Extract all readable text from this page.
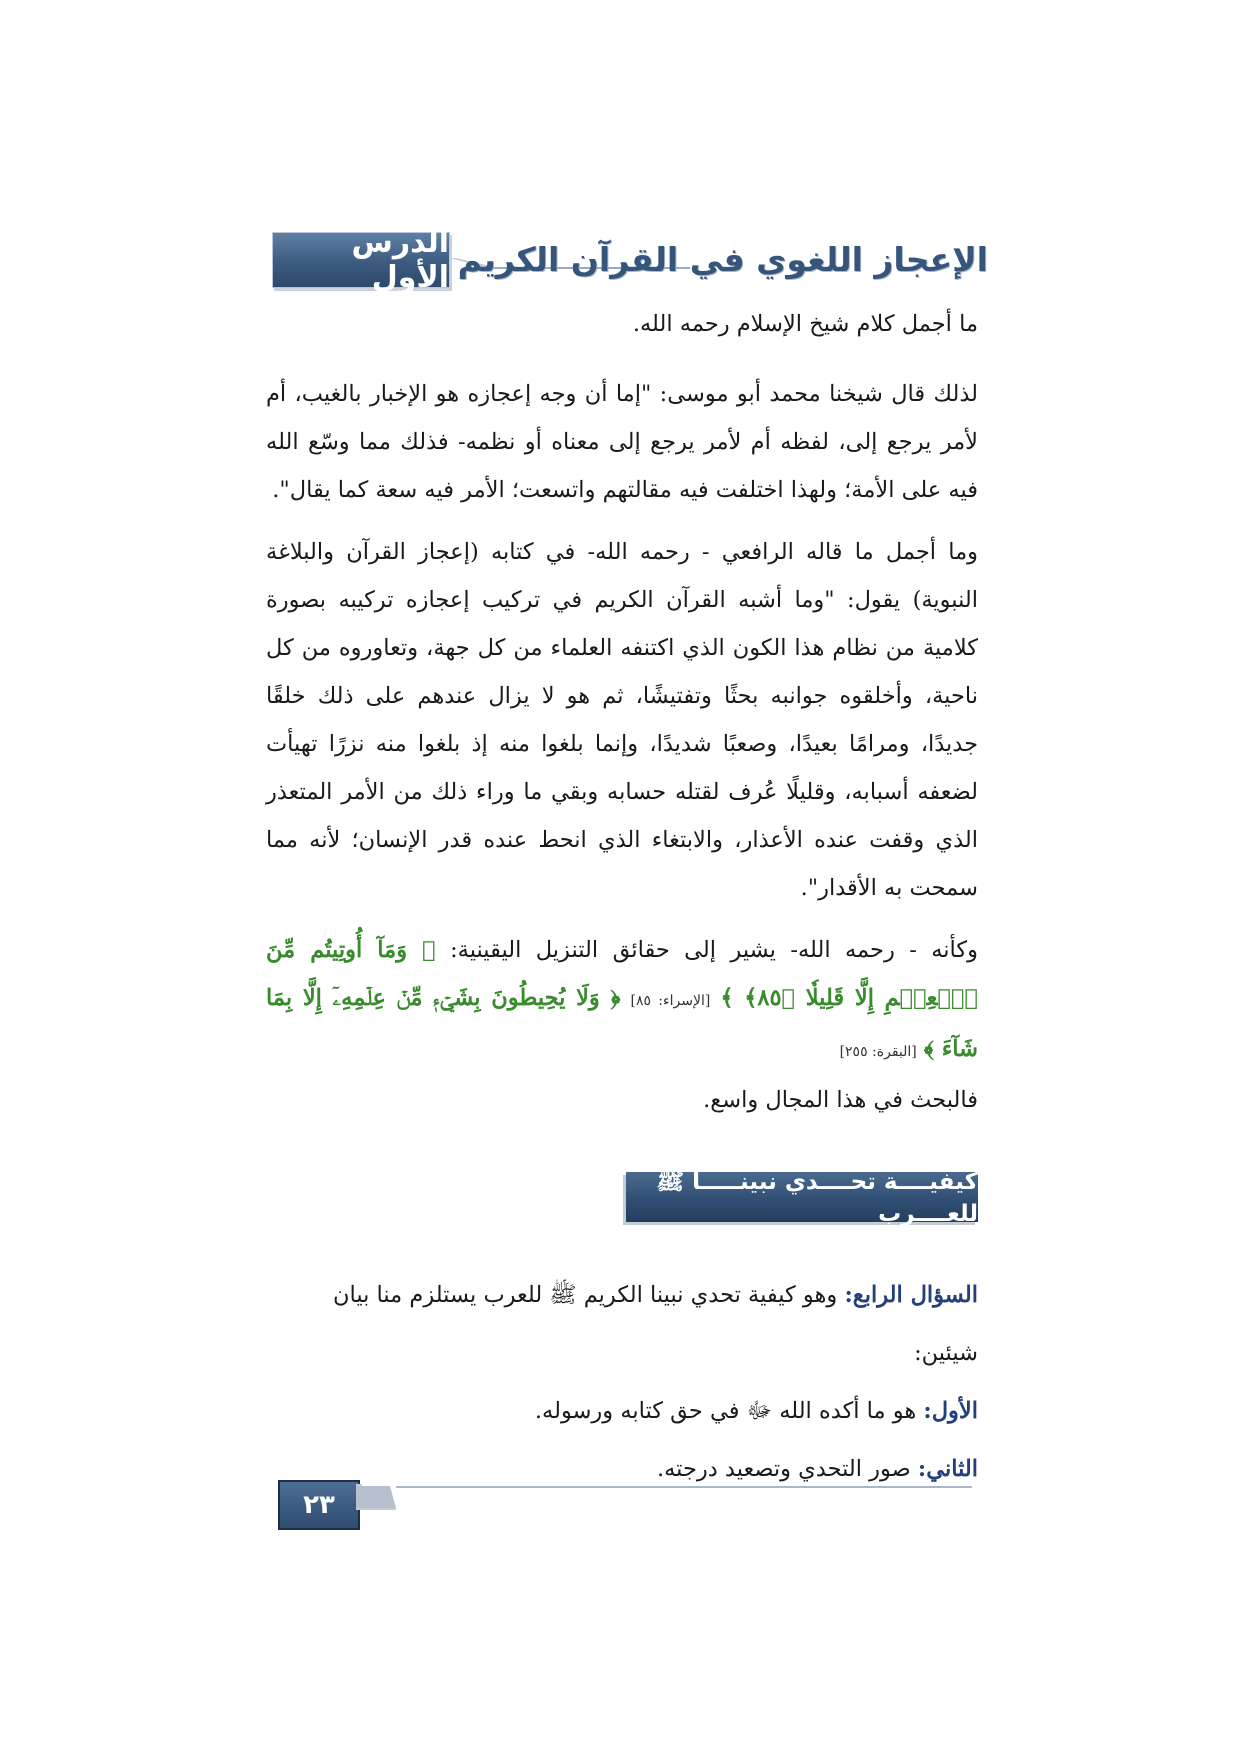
الدرس الأول الإعجاز اللغوي في القرآن الكريم

ما أجمل كلام شيخ الإسلام رحمه الله.

لذلك قال شيخنا محمد أبو موسى: "إما أن وجه إعجازه هو الإخبار بالغيب، أم لأمر يرجع إلى، لفظه أم لأمر يرجع إلى معناه أو نظمه- فذلك مما وسّع الله فيه على الأمة؛ ولهذا اختلفت فيه مقالتهم واتسعت؛ الأمر فيه سعة كما يقال".

وما أجمل ما قاله الرافعي - رحمه الله- في كتابه (إعجاز القرآن والبلاغة النبوية) يقول: "وما أشبه القرآن الكريم في تركيب إعجازه تركيبه بصورة كلامية من نظام هذا الكون الذي اكتنفه العلماء من كل جهة، وتعاوروه من كل ناحية، وأخلقوه جوانبه بحثًا وتفتيشًا، ثم هو لا يزال عندهم على ذلك خلقًا جديدًا، ومرامًا بعيدًا، وصعبًا شديدًا، وإنما بلغوا منه إذ بلغوا منه نزرًا تهيأت لضعفه أسبابه، وقليلًا عُرف لقتله حسابه وبقي ما وراء ذلك من الأمر المتعذر الذي وقفت عنده الأعذار، والابتغاء الذي انحط عنده قدر الإنسان؛ لأنه مما سمحت به الأقدار".

وكأنه - رحمه الله- يشير إلى حقائق التنزيل اليقينية: ﴿ وَمَآ أُوتِيتُم مِّنَ ٱلۡعِلۡمِ إِلَّا قَلِيلٗا ﴿٨٥﴾ ﴾ [الإسراء: ٨٥] ﴿ وَلَا يُحِيطُونَ بِشَيۡءٖ مِّنۡ عِلۡمِهِۦٓ إِلَّا بِمَا شَآءَ ﴾ [البقرة: ٢٥٥]
فالبحث في هذا المجال واسع.

كيفيــــة تحــــدي نبينـــــا ﷺ للعــــرب

السؤال الرابع: وهو كيفية تحدي نبينا الكريم ﷺ للعرب يستلزم منا بيان شيئين:

الأول: هو ما أكده الله ﷻ في حق كتابه ورسوله.

الثاني: صور التحدي وتصعيد درجته.

٢٣
